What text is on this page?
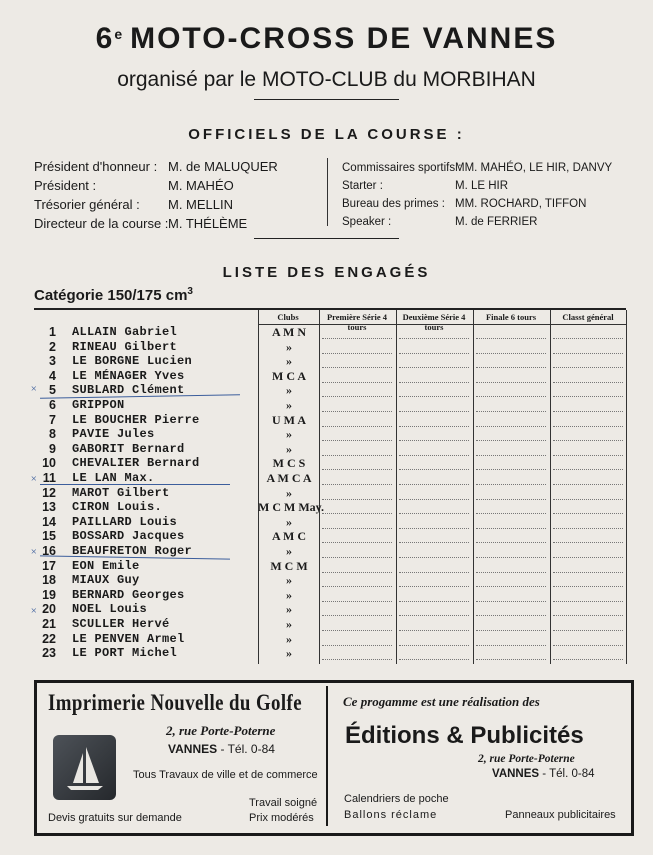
6e MOTO-CROSS DE VANNES
organisé par le MOTO-CLUB du MORBIHAN
OFFICIELS DE LA COURSE :
Président d'honneur : M. de MALUQUER
Président :	M. MAHÉO
Trésorier général : M. MELLIN
Directeur de la course :M. THÉLÈME
Commissaires sportifs :MM. MAHÉO, LE HIR, DANVY
Starter :	M. LE HIR
Bureau des primes : MM. ROCHARD, TIFFON
Speaker :	M. de FERRIER
LISTE DES ENGAGÉS
Catégorie 150/175 $cm^3$
Clubs	Première Série 4 tours
Deuxième Série 4 tours
Finale 6 tours	Classt général
1 ALLAIN Gabriel	A M N
2 RINEAU Gilbert	»
3 LE BORGNE Lucien	»
4 LE MÉNAGER Yves	M C A
5 SUBLARD Clément	»
6 GRIPPON	»
7 LE BOUCHER Pierre	U M A
8 PAVIE Jules	»
9 GABORIT Bernard	»
10 CHEVALIER Bernard	M C S
11 LE LAN Max.	A M C A
12 MAROT Gilbert	»
13 CIRON Louis.	M C M May.
14 PAILLARD Louis	»
15 BOSSARD Jacques	A M C
16 BEAUFRETON Roger	»
17 EON Emile	M C M
18 MIAUX Guy	»
19 BERNARD Georges	»
20 NOEL Louis	»
21 SCULLER Hervé	»
22 LE PENVEN Armel	»
23 LE PORT Michel	»
×
×
×
×
Imprimerie Nouvelle du Golfe
2, rue Porte-Poterne
VANNES - Tél. 0-84
Tous Travaux de ville et de commerce
Travail soigné
Prix modérés
Devis gratuits sur demande
Ce progamme est une réalisation des
Éditions & Publicités
2, rue Porte-Poterne
VANNES - Tél. 0-84
Calendriers de poche
Ballons réclame	Panneaux publicitaires
